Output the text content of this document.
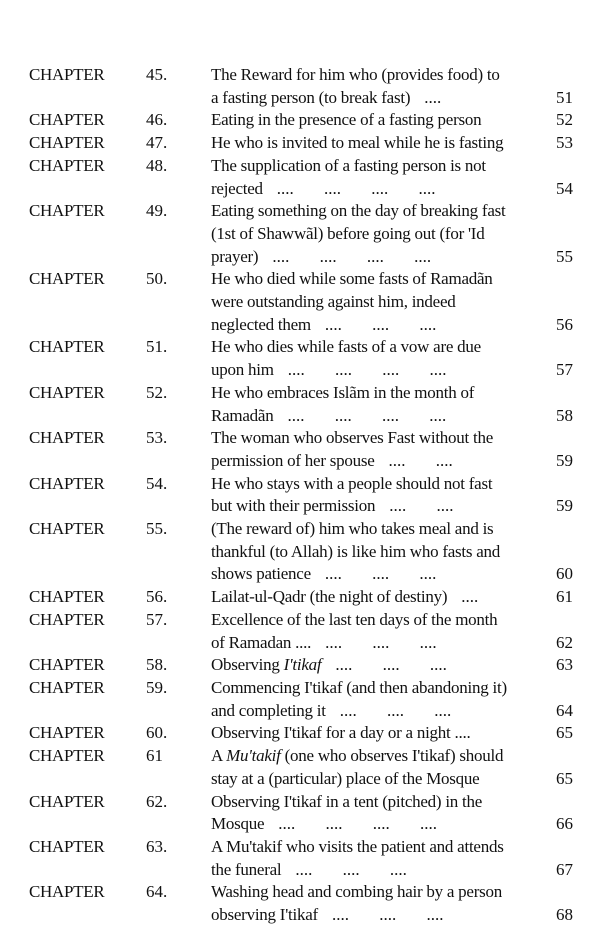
CHAPTER 45.	The Reward for him who (provides food) to
a fasting person (to break fast) ....	51
CHAPTER 46.	Eating in the presence of a fasting person	52
CHAPTER 47.	He who is invited to meal while he is fasting	53
CHAPTER 48.	The supplication of a fasting person is not
rejected .... .... .... ....	54
CHAPTER 49.	Eating something on the day of breaking fast
(1st of Shawwãl) before going out (for 'Id
prayer) .... .... .... ....	55
CHAPTER 50.	He who died while some fasts of Ramadãn
were outstanding against him, indeed
neglected them .... .... ....	56
CHAPTER 51.	He who dies while fasts of a vow are due
upon him .... .... .... ....	57
CHAPTER 52.	He who embraces Islãm in the month of
Ramadãn .... .... .... ....	58
CHAPTER 53.	The woman who observes Fast without the
permission of her spouse .... ....	59
CHAPTER 54.	He who stays with a people should not fast
but with their permission .... ....	59
CHAPTER 55.	(The reward of) him who takes meal and is
thankful (to Allah) is like him who fasts and
shows patience .... .... ....	60
CHAPTER 56.	Lailat-ul-Qadr (the night of destiny) ....	61
CHAPTER 57.	Excellence of the last ten days of the month
of Ramadan .... .... .... ....	62
CHAPTER 58.	Observing I'tikaf .... .... ....	63
CHAPTER 59.	Commencing I'tikaf (and then abandoning it)
and completing it .... .... ....	64
CHAPTER 60.	Observing I'tikaf for a day or a night ....	65
CHAPTER 61	A Mu'takif (one who observes I'tikaf) should
stay at a (particular) place of the Mosque	65
CHAPTER 62.	Observing I'tikaf in a tent (pitched) in the
Mosque .... .... .... ....	66
CHAPTER 63.	A Mu'takif who visits the patient and attends
the funeral .... .... ....	67
CHAPTER 64.	Washing head and combing hair by a person
observing I'tikaf .... .... ....	68
